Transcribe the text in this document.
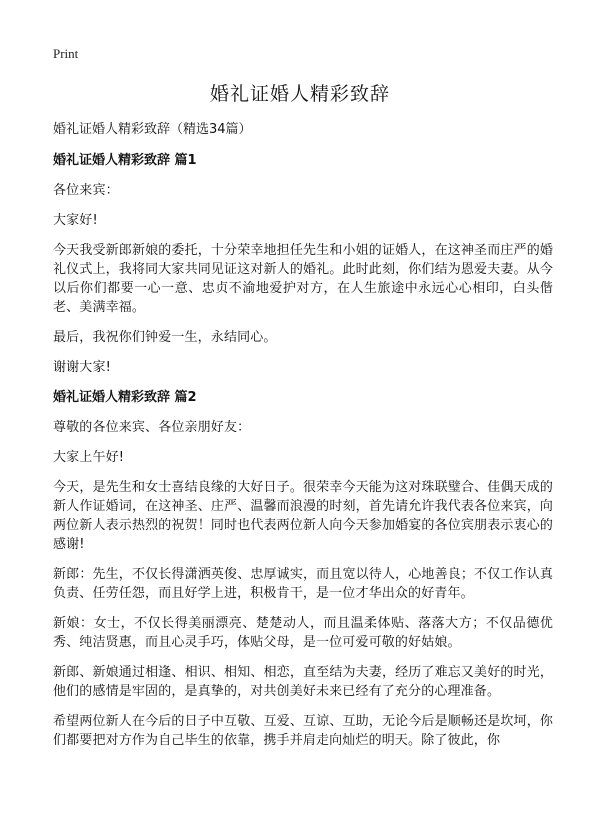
Print
婚礼证婚人精彩致辞

婚礼证婚人精彩致辞（精选34篇）

婚礼证婚人精彩致辞 篇1

各位来宾：

大家好!

今天我受新郎新娘的委托，十分荣幸地担任先生和小姐的证婚人，在这神圣而庄严的婚礼仪式上，我将同大家共同见证这对新人的婚礼。此时此刻，你们结为恩爱夫妻。从今以后你们都要一心一意、忠贞不渝地爱护对方，在人生旅途中永远心心相印，白头偕老、美满幸福。

最后，我祝你们钟爱一生，永结同心。

谢谢大家!

婚礼证婚人精彩致辞 篇2

尊敬的各位来宾、各位亲朋好友：

大家上午好!

今天，是先生和女士喜结良缘的大好日子。很荣幸今天能为这对珠联璧合、佳偶天成的新人作证婚词，在这神圣、庄严、温馨而浪漫的时刻，首先请允许我代表各位来宾，向两位新人表示热烈的祝贺！同时也代表两位新人向今天参加婚宴的各位宾朋表示衷心的感谢!

新郎：先生，不仅长得潇洒英俊、忠厚诚实，而且宽以待人，心地善良；不仅工作认真负责、任劳任怨，而且好学上进，积极肯干，是一位才华出众的好青年。

新娘：女士，不仅长得美丽漂亮、楚楚动人，而且温柔体贴、落落大方；不仅品德优秀、纯洁贤惠，而且心灵手巧，体贴父母，是一位可爱可敬的好姑娘。

新郎、新娘通过相逢、相识、相知、相恋，直至结为夫妻，经历了难忘又美好的时光，他们的感情是牢固的，是真挚的，对共创美好未来已经有了充分的心理准备。

希望两位新人在今后的日子中互敬、互爱、互谅、互助，无论今后是顺畅还是坎坷，你们都要把对方作为自己毕生的依靠，携手并肩走向灿烂的明天。除了彼此，你
